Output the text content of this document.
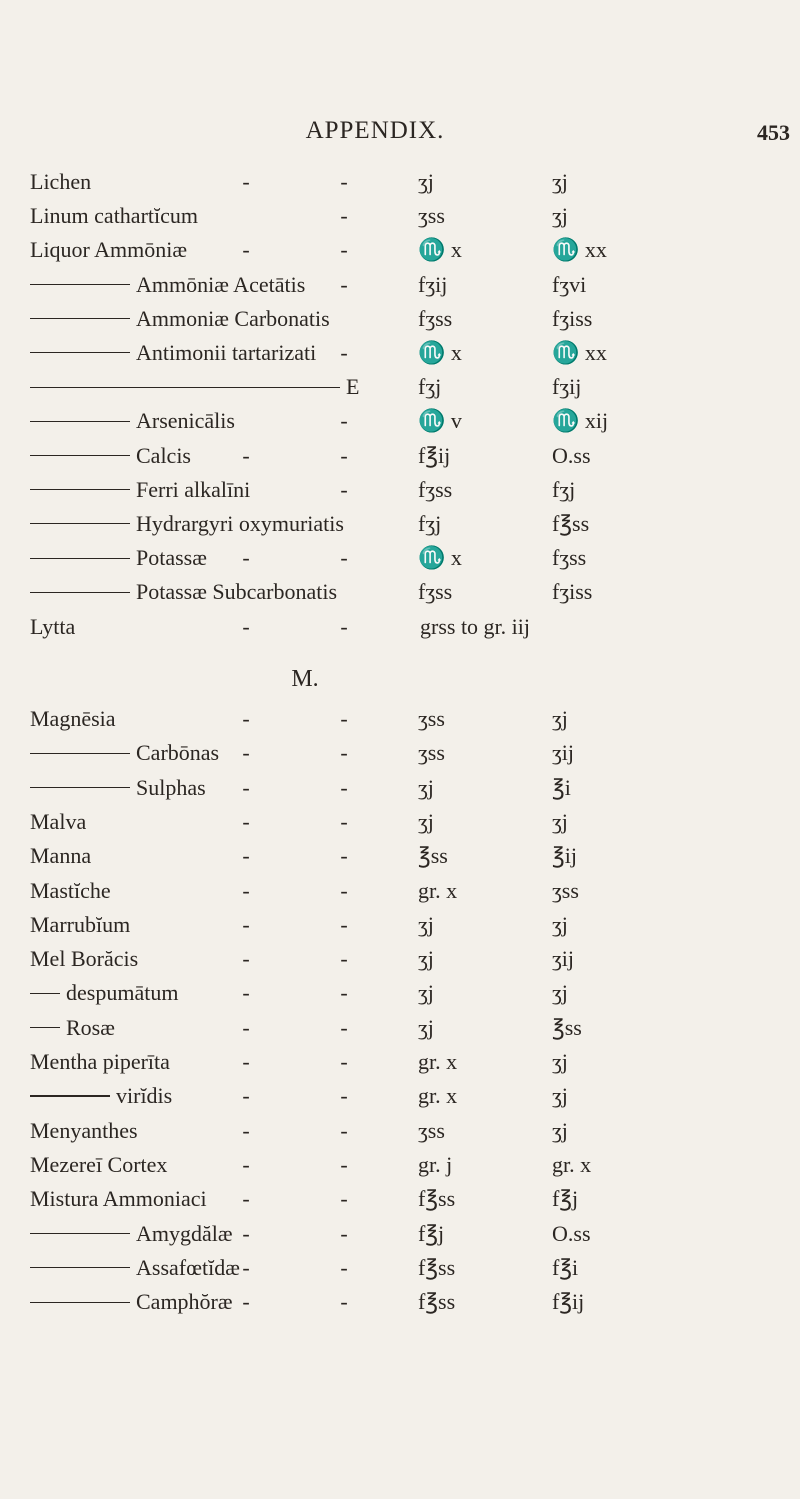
APPENDIX.	453
Lichen	-	-	ʒj	ʒj
Linum cathartĭcum	-	ʒss	ʒj
Liquor Ammōniæ	-	-	♏ x	♏ xx
Ammōniæ Acetātis -	fʒij	fʒvi
Ammoniæ Carbonatis	fʒss	fʒiss
Antimonii tartarizati -	♏ x	♏ xx
E	fʒj	fʒij
Arsenicālis	-	♏ v	♏ xij
Calcis -	-	f℥ij	O.ss
Ferri alkalīni	-	fʒss	fʒj
Hydrargyri oxymuriatis	fʒj	f℥ss
Potassæ -	-	♏ x	fʒss
Potassæ Subcarbonatis	fʒss	fʒiss
Lytta	-	-	grss to gr. iij
M.
Magnēsia	-	-	ʒss	ʒj
Carbōnas -	-	ʒss	ʒij
Sulphas -	-	ʒj	℥i
Malva	-	-	ʒj	ʒj
Manna	-	-	℥ss	℥ij
Mastĭche	-	-	gr. x	ʒss
Marrubĭum	-	-	ʒj	ʒj
Mel Borăcis	-	-	ʒj	ʒij
despumātum	-	-	ʒj	ʒj
Rosæ	-	-	ʒj	℥ss
Mentha piperīta	-	-	gr. x	ʒj
virĭdis	-	-	gr. x	ʒj
Menyanthes	-	-	ʒss	ʒj
Mezereī Cortex	-	-	gr. j	gr. x
Mistura Ammoniaci -	-	f℥ss	f℥j
Amygdălæ -	-	f℥j	O.ss
Assafœtĭdæ -	-	f℥ss	f℥i
Camphŏræ -	-	f℥ss	f℥ij
